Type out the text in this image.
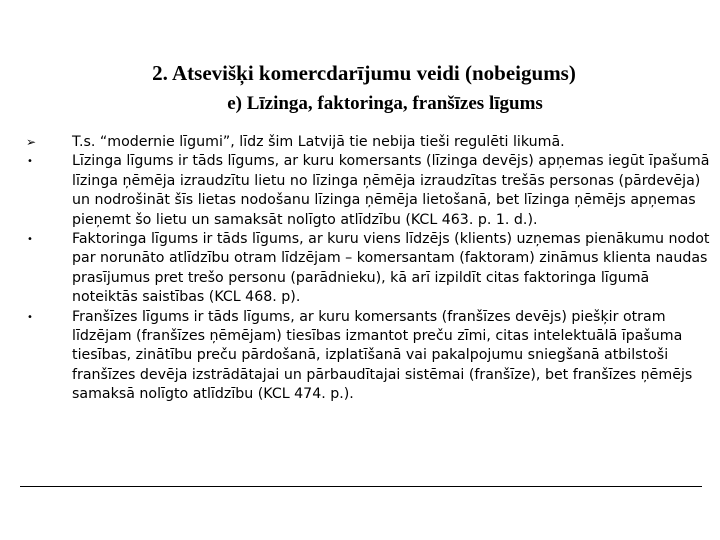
2. Atsevišķi komercdarījumu veidi (nobeigums)
e) Līzinga, faktoringa, franšīzes līgums
➢	T.s. “modernie līgumi”, līdz šim Latvijā tie nebija tieši regulēti likumā.
•	Līzinga līgums ir tāds līgums, ar kuru komersants (līzinga devējs) apņemas iegūt īpašumā līzinga ņēmēja izraudzītu lietu no līzinga ņēmēja izraudzītas trešās personas (pārdevēja) un nodrošināt šīs lietas nodošanu līzinga ņēmēja lietošanā, bet līzinga ņēmējs apņemas pieņemt šo lietu un samaksāt nolīgto atlīdzību (KCL 463. p. 1. d.).
•	Faktoringa līgums ir tāds līgums, ar kuru viens līdzējs (klients) uzņemas pienākumu nodot par norunāto atlīdzību otram līdzējam – komersantam (faktoram) zināmus klienta naudas prasījumus pret trešo personu (parādnieku), kā arī izpildīt citas faktoringa līgumā noteiktās saistības (KCL 468. p).
•	Franšīzes līgums ir tāds līgums, ar kuru komersants (franšīzes devējs) piešķir otram līdzējam (franšīzes ņēmējam) tiesības izmantot preču zīmi, citas intelektuālā īpašuma tiesības, zinātību preču pārdošanā, izplatīšanā vai pakalpojumu sniegšanā atbilstoši franšīzes devēja izstrādātajai un pārbaudītajai sistēmai (franšīze), bet franšīzes ņēmējs samaksā nolīgto atlīdzību (KCL 474. p.).
